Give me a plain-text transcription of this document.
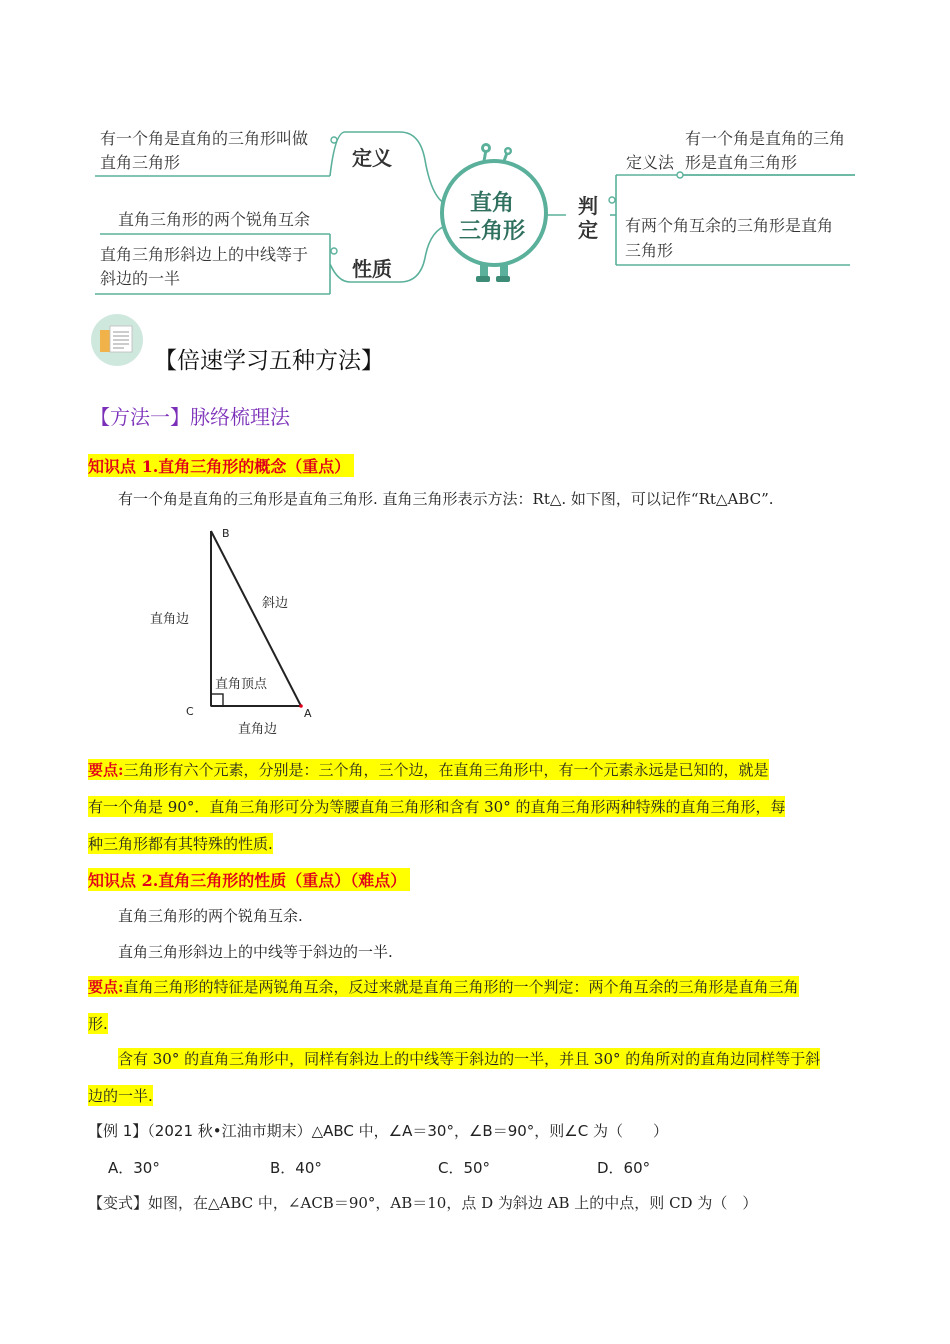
有一个角是直角的三角形叫做
直角三角形	定义
直角三角形的两个锐角互余
直角三角形斜边上的中线等于
斜边的一半	性质
直角
三角形
判
定
定义法
有一个角是直角的三角
形是直角三角形
有两个角互余的三角形是直角
三角形
【倍速学习五种方法】
【方法一】脉络梳理法
知识点 1.直角三角形的概念（重点）
有一个角是直角的三角形是直角三角形. 直角三角形表示方法：Rt△. 如下图，可以记作“Rt△ABC”.
B
C	A
直角边
斜边
直角顶点
直角边
要点:三角形有六个元素，分别是：三个角，三个边，在直角三角形中，有一个元素永远是已知的，就是
有一个角是 90°．直角三角形可分为等腰直角三角形和含有 30° 的直角三角形两种特殊的直角三角形，每
种三角形都有其特殊的性质.
知识点 2.直角三角形的性质（重点）（难点）
直角三角形的两个锐角互余.
直角三角形斜边上的中线等于斜边的一半.
要点:直角三角形的特征是两锐角互余，反过来就是直角三角形的一个判定：两个角互余的三角形是直角三角
形.
含有 30° 的直角三角形中，同样有斜边上的中线等于斜边的一半，并且 30° 的角所对的直角边同样等于斜
边的一半.
【例 1】（2021 秋•江油市期末）△ABC 中，∠A＝30°，∠B＝90°，则∠C 为（　　）
A．30°	B．40°	C．50°	D．60°
【变式】如图，在△ABC 中，∠ACB＝90°，AB＝10，点 D 为斜边 AB 上的中点，则 CD 为（　）
